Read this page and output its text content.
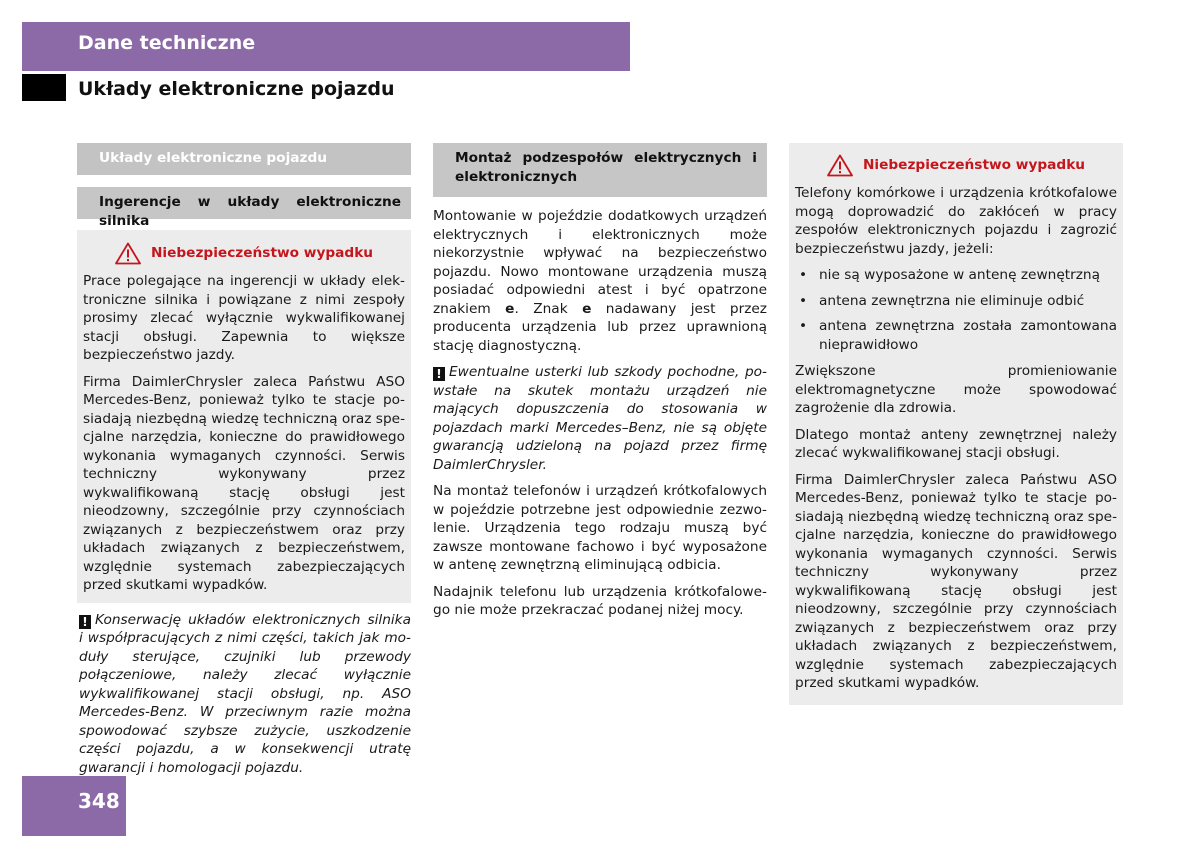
Dane techniczne
Układy elektroniczne pojazdu
Układy elektroniczne pojazdu
Ingerencje w układy elektroniczne silnika
Niebezpieczeństwo wypadku

Prace polegające na ingerencji w układy elektroniczne silnika i powiązane z nimi zespoły prosimy zlecać wyłącznie wykwalifikowanej stacji obsługi. Zapewnia to większe bezpieczeństwo jazdy.

Firma DaimlerChrysler zaleca Państwu ASO Mercedes-Benz, ponieważ tylko te stacje posiadają niezbędną wiedzę techniczną oraz specjalne narzędzia, konieczne do prawidłowego wykonania wymaganych czynności. Serwis techniczny wykonywany przez wykwalifikowaną stację obsługi jest nieodzowny, szczególnie przy czynnościach związanych z bezpieczeństwem oraz przy układach związanych z bezpieczeństwem, względnie systemach zabezpieczających przed skutkami wypadków.

! Konserwację układów elektronicznych silnika i współpracujących z nimi części, takich jak moduły sterujące, czujniki lub przewody połączeniowe, należy zlecać wyłącznie wykwalifikowanej stacji obsługi, np. ASO Mercedes-Benz. W przeciwnym razie można spowodować szybsze zużycie, uszkodzenie części pojazdu, a w konsekwencji utratę gwarancji i homologacji pojazdu.

Montaż podzespołów elektrycznych i elektronicznych

Montowanie w pojeździe dodatkowych urządzeń elektrycznych i elektronicznych może niekorzystnie wpływać na bezpieczeństwo pojazdu. Nowo montowane urządzenia muszą posiadać odpowiedni atest i być opatrzone znakiem e. Znak e nadawany jest przez producenta urządzenia lub przez uprawnioną stację diagnostyczną.

! Ewentualne usterki lub szkody pochodne, powstałe na skutek montażu urządzeń nie mających dopuszczenia do stosowania w pojazdach marki Mercedes–Benz, nie są objęte gwarancją udzieloną na pojazd przez firmę DaimlerChrysler.

Na montaż telefonów i urządzeń krótkofalowych w pojeździe potrzebne jest odpowiednie zezwolenie. Urządzenia tego rodzaju muszą być zawsze montowane fachowo i być wyposażone w antenę zewnętrzną eliminującą odbicia.

Nadajnik telefonu lub urządzenia krótkofalowego nie może przekraczać podanej niżej mocy.

Niebezpieczeństwo wypadku

Telefony komórkowe i urządzenia krótkofalowe mogą doprowadzić do zakłóceń w pracy zespołów elektronicznych pojazdu i zagrozić bezpieczeństwu jazdy, jeżeli:

• nie są wyposażone w antenę zewnętrzną
• antena zewnętrzna nie eliminuje odbić
• antena zewnętrzna została zamontowana nieprawidłowo

Zwiększone promieniowanie elektromagnetyczne może spowodować zagrożenie dla zdrowia.

Dlatego montaż anteny zewnętrznej należy zlecać wykwalifikowanej stacji obsługi.

Firma DaimlerChrysler zaleca Państwu ASO Mercedes-Benz, ponieważ tylko te stacje posiadają niezbędną wiedzę techniczną oraz specjalne narzędzia, konieczne do prawidłowego wykonania wymaganych czynności. Serwis techniczny wykonywany przez wykwalifikowaną stację obsługi jest nieodzowny, szczególnie przy czynnościach związanych z bezpieczeństwem oraz przy układach związanych z bezpieczeństwem, względnie systemach zabezpieczających przed skutkami wypadków.

348
